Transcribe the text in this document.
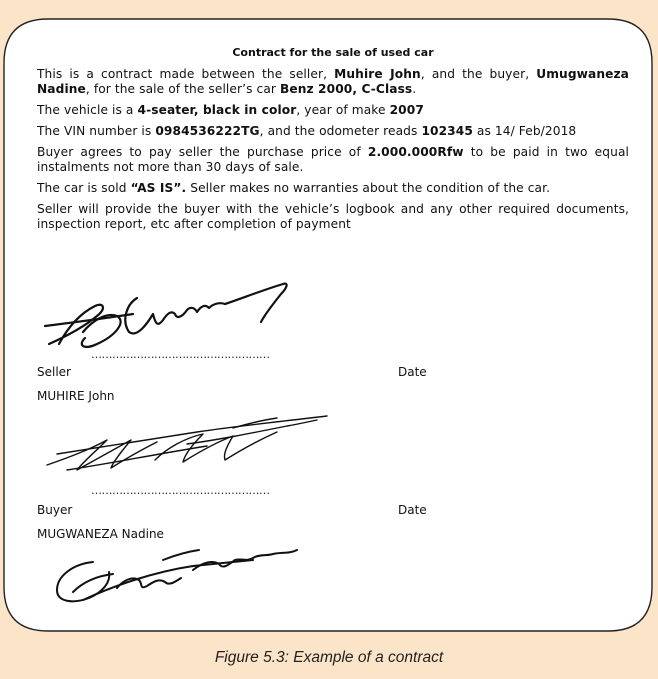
Contract for the sale of used car

This is a contract made between the seller, Muhire John, and the buyer, Umugwaneza Nadine, for the sale of the seller’s car Benz 2000, C-Class.

The vehicle is a 4-seater, black in color, year of make 2007

The VIN number is 0984536222TG, and the odometer reads 102345 as 14/ Feb/2018

Buyer agrees to pay seller the purchase price of 2.000.000Rfw to be paid in two equal instalments not more than 30 days of sale.

The car is sold “AS IS”. Seller makes no warranties about the condition of the car.

Seller will provide the buyer with the vehicle’s logbook and any other required documents, inspection report, etc after completion of payment

……………………………………………
Seller	Date
MUHIRE John
……………………………………………
Buyer	Date
MUGWANEZA Nadine
Figure 5.3: Example of a contract
